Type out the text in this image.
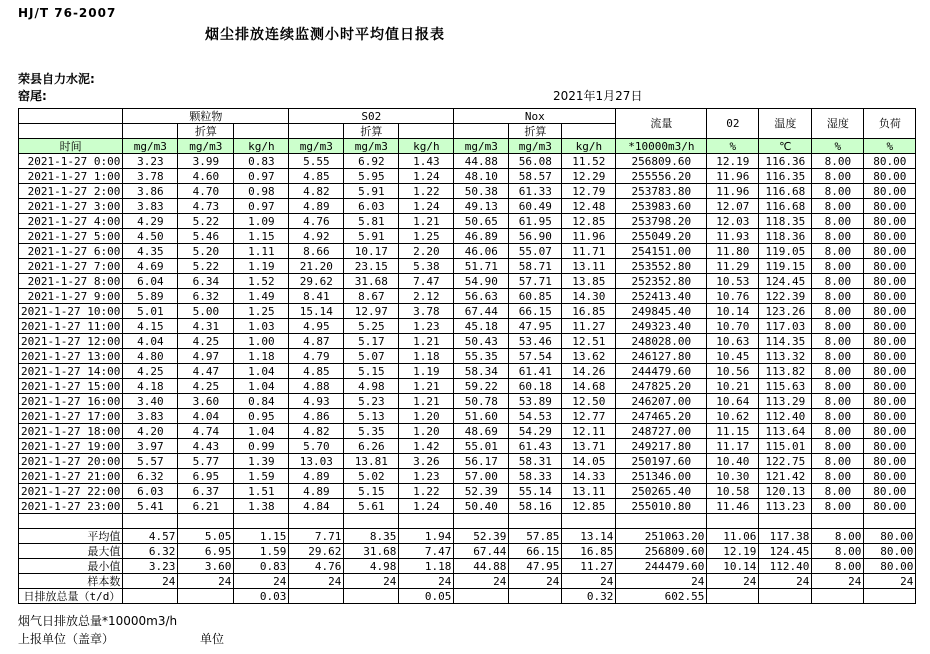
HJ/T 76-2007
烟尘排放连续监测小时平均值日报表
荣县自力水泥:
窑尾:	2021年1月27日
	颗粒物			S02			Nox			流量	02	温度	湿度	负荷
		折算			折算			折算						
时间	mg/m3	mg/m3	kg/h	mg/m3	mg/m3	kg/h	mg/m3	mg/m3	kg/h	*10000m3/h	%	℃	%	%
2021-1-27 0:00	3.23	3.99	0.83	5.55	6.92	1.43	44.88	56.08	11.52	256809.60	12.19	116.36	8.00	80.00
2021-1-27 1:00	3.78	4.60	0.97	4.85	5.95	1.24	48.10	58.57	12.29	255556.20	11.96	116.35	8.00	80.00
2021-1-27 2:00	3.86	4.70	0.98	4.82	5.91	1.22	50.38	61.33	12.79	253783.80	11.96	116.68	8.00	80.00
2021-1-27 3:00	3.83	4.73	0.97	4.89	6.03	1.24	49.13	60.49	12.48	253983.60	12.07	116.68	8.00	80.00
2021-1-27 4:00	4.29	5.22	1.09	4.76	5.81	1.21	50.65	61.95	12.85	253798.20	12.03	118.35	8.00	80.00
2021-1-27 5:00	4.50	5.46	1.15	4.92	5.91	1.25	46.89	56.90	11.96	255049.20	11.93	118.36	8.00	80.00
2021-1-27 6:00	4.35	5.20	1.11	8.66	10.17	2.20	46.06	55.07	11.71	254151.00	11.80	119.05	8.00	80.00
2021-1-27 7:00	4.69	5.22	1.19	21.20	23.15	5.38	51.71	58.71	13.11	253552.80	11.29	119.15	8.00	80.00
2021-1-27 8:00	6.04	6.34	1.52	29.62	31.68	7.47	54.90	57.71	13.85	252352.80	10.53	124.45	8.00	80.00
2021-1-27 9:00	5.89	6.32	1.49	8.41	8.67	2.12	56.63	60.85	14.30	252413.40	10.76	122.39	8.00	80.00
2021-1-27 10:00	5.01	5.00	1.25	15.14	12.97	3.78	67.44	66.15	16.85	249845.40	10.14	123.26	8.00	80.00
2021-1-27 11:00	4.15	4.31	1.03	4.95	5.25	1.23	45.18	47.95	11.27	249323.40	10.70	117.03	8.00	80.00
2021-1-27 12:00	4.04	4.25	1.00	4.87	5.17	1.21	50.43	53.46	12.51	248028.00	10.63	114.35	8.00	80.00
2021-1-27 13:00	4.80	4.97	1.18	4.79	5.07	1.18	55.35	57.54	13.62	246127.80	10.45	113.32	8.00	80.00
2021-1-27 14:00	4.25	4.47	1.04	4.85	5.15	1.19	58.34	61.41	14.26	244479.60	10.56	113.82	8.00	80.00
2021-1-27 15:00	4.18	4.25	1.04	4.88	4.98	1.21	59.22	60.18	14.68	247825.20	10.21	115.63	8.00	80.00
2021-1-27 16:00	3.40	3.60	0.84	4.93	5.23	1.21	50.78	53.89	12.50	246207.00	10.64	113.29	8.00	80.00
2021-1-27 17:00	3.83	4.04	0.95	4.86	5.13	1.20	51.60	54.53	12.77	247465.20	10.62	112.40	8.00	80.00
2021-1-27 18:00	4.20	4.74	1.04	4.82	5.35	1.20	48.69	54.29	12.11	248727.00	11.15	113.64	8.00	80.00
2021-1-27 19:00	3.97	4.43	0.99	5.70	6.26	1.42	55.01	61.43	13.71	249217.80	11.17	115.01	8.00	80.00
2021-1-27 20:00	5.57	5.77	1.39	13.03	13.81	3.26	56.17	58.31	14.05	250197.60	10.40	122.75	8.00	80.00
2021-1-27 21:00	6.32	6.95	1.59	4.89	5.02	1.23	57.00	58.33	14.33	251346.00	10.30	121.42	8.00	80.00
2021-1-27 22:00	6.03	6.37	1.51	4.89	5.15	1.22	52.39	55.14	13.11	250265.40	10.58	120.13	8.00	80.00
2021-1-27 23:00	5.41	6.21	1.38	4.84	5.61	1.24	50.40	58.16	12.85	255010.80	11.46	113.23	8.00	80.00

平均值	4.57	5.05	1.15	7.71	8.35	1.94	52.39	57.85	13.14	251063.20	11.06	117.38	8.00	80.00
最大值	6.32	6.95	1.59	29.62	31.68	7.47	67.44	66.15	16.85	256809.60	12.19	124.45	8.00	80.00
最小值	3.23	3.60	0.83	4.76	4.98	1.18	44.88	47.95	11.27	244479.60	10.14	112.40	8.00	80.00
样本数	24	24	24	24	24	24	24	24	24	24	24	24	24	24
日排放总量（t/d）			0.03			0.05			0.32	602.55				
烟气日排放总量*10000m3/h
上报单位（盖章）	单位
